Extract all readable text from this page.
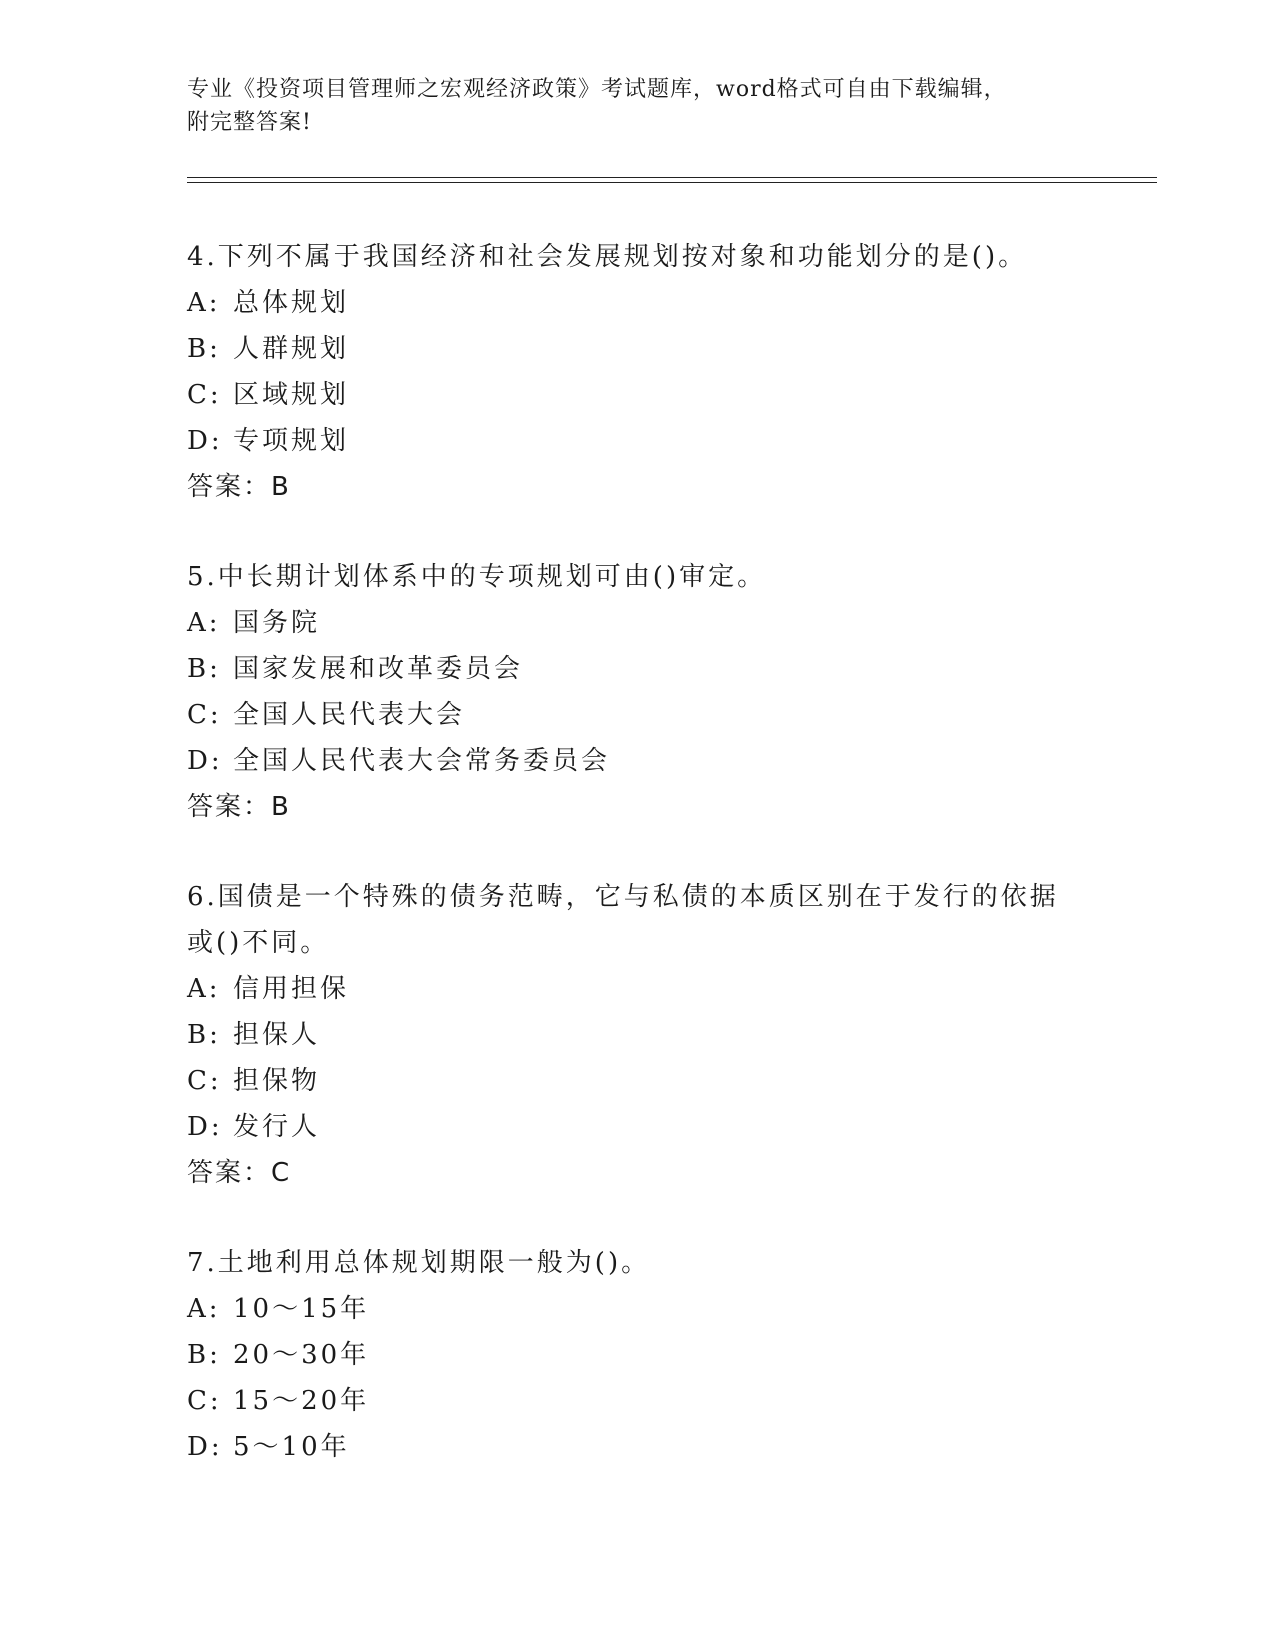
专业《投资项目管理师之宏观经济政策》考试题库，word格式可自由下载编辑，
附完整答案!
4.下列不属于我国经济和社会发展规划按对象和功能划分的是()。
A: 总体规划
B: 人群规划
C: 区域规划
D: 专项规划
答案：B
5.中长期计划体系中的专项规划可由()审定。
A: 国务院
B: 国家发展和改革委员会
C: 全国人民代表大会
D: 全国人民代表大会常务委员会
答案：B
6.国债是一个特殊的债务范畴，它与私债的本质区别在于发行的依据或()不同。
A: 信用担保
B: 担保人
C: 担保物
D: 发行人
答案：C
7.土地利用总体规划期限一般为()。
A: 10～15年
B: 20～30年
C: 15～20年
D: 5～10年
